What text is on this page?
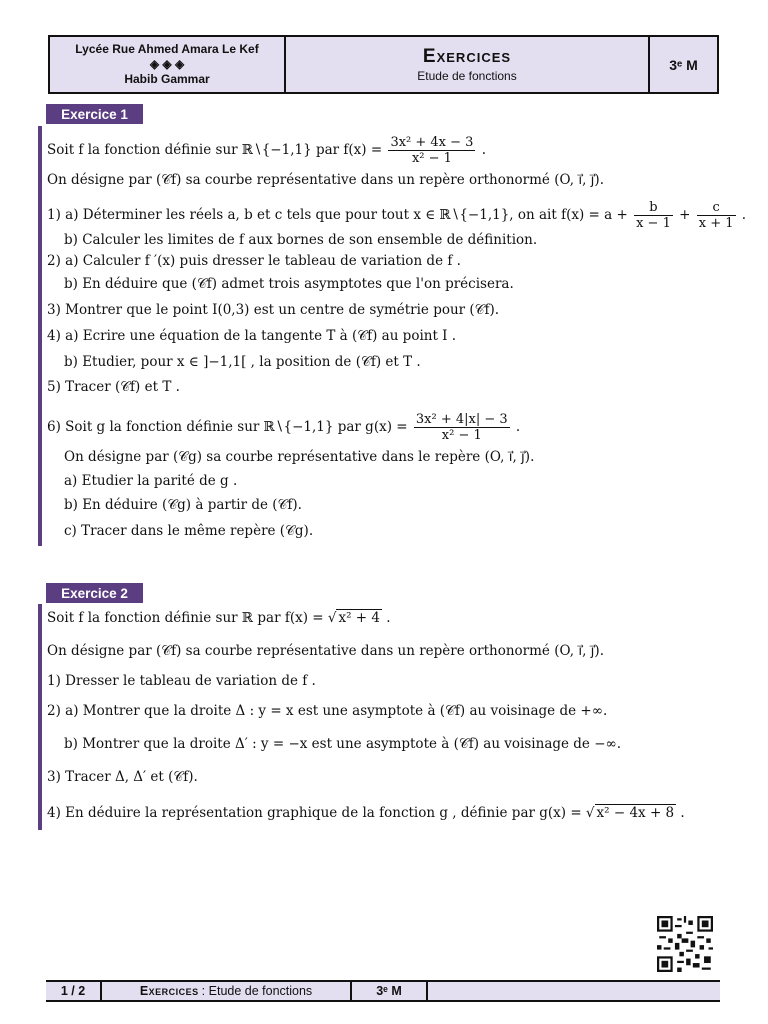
Lycée Rue Ahmed Amara Le Kef
◈ ◈ ◈
Habib Gammar
Exercices
Etude de fonctions
3ᵉ M
Exercice 1
Soit f la fonction définie sur ℝ∖{−1,1} par $f(x) = \frac{\text{3x² + 4x − 3}}{\text{x² − 1}}$ .
On désigne par (𝒞f) sa courbe représentative dans un repère orthonormé (O, i⃗, j⃗).
1) a) Déterminer les réels a, b et c tels que pour tout x ∈ ℝ∖{−1,1}, on ait $f(x) = a + \frac{b}{x - 1} + \frac{c}{x + 1}$ .
b) Calculer les limites de f aux bornes de son ensemble de définition.
2) a) Calculer f ′(x) puis dresser le tableau de variation de f .
b) En déduire que (𝒞f) admet trois asymptotes que l'on précisera.
3) Montrer que le point I(0,3) est un centre de symétrie pour (𝒞f).
4) a) Ecrire une équation de la tangente T à (𝒞f) au point I .
b) Etudier, pour x ∈ ]−1,1[ , la position de (𝒞f) et T .
5) Tracer (𝒞f) et T .
6) Soit g la fonction définie sur ℝ∖{−1,1} par $g(x) = \frac{\text{3x² + 4|x| − 3}}{\text{x² − 1}}$ .
On désigne par (𝒞g) sa courbe représentative dans le repère (O, i⃗, j⃗).
a) Etudier la parité de g .
b) En déduire (𝒞g) à partir de (𝒞f).
c) Tracer dans le même repère (𝒞g).
Exercice 2
Soit f la fonction définie sur ℝ par f(x) = √ x² + 4 .
On désigne par (𝒞f) sa courbe représentative dans un repère orthonormé (O, i⃗, j⃗).
1) Dresser le tableau de variation de f .
2) a) Montrer que la droite Δ : y = x est une asymptote à (𝒞f) au voisinage de +∞.
b) Montrer que la droite Δ′ : y = −x est une asymptote à (𝒞f) au voisinage de −∞.
3) Tracer Δ, Δ′ et (𝒞f).
4) En déduire la représentation graphique de la fonction g , définie par g(x) = √ x² − 4x + 8 .
1 / 2	Exercices :
Etude de fonctions	3ᵉ M
